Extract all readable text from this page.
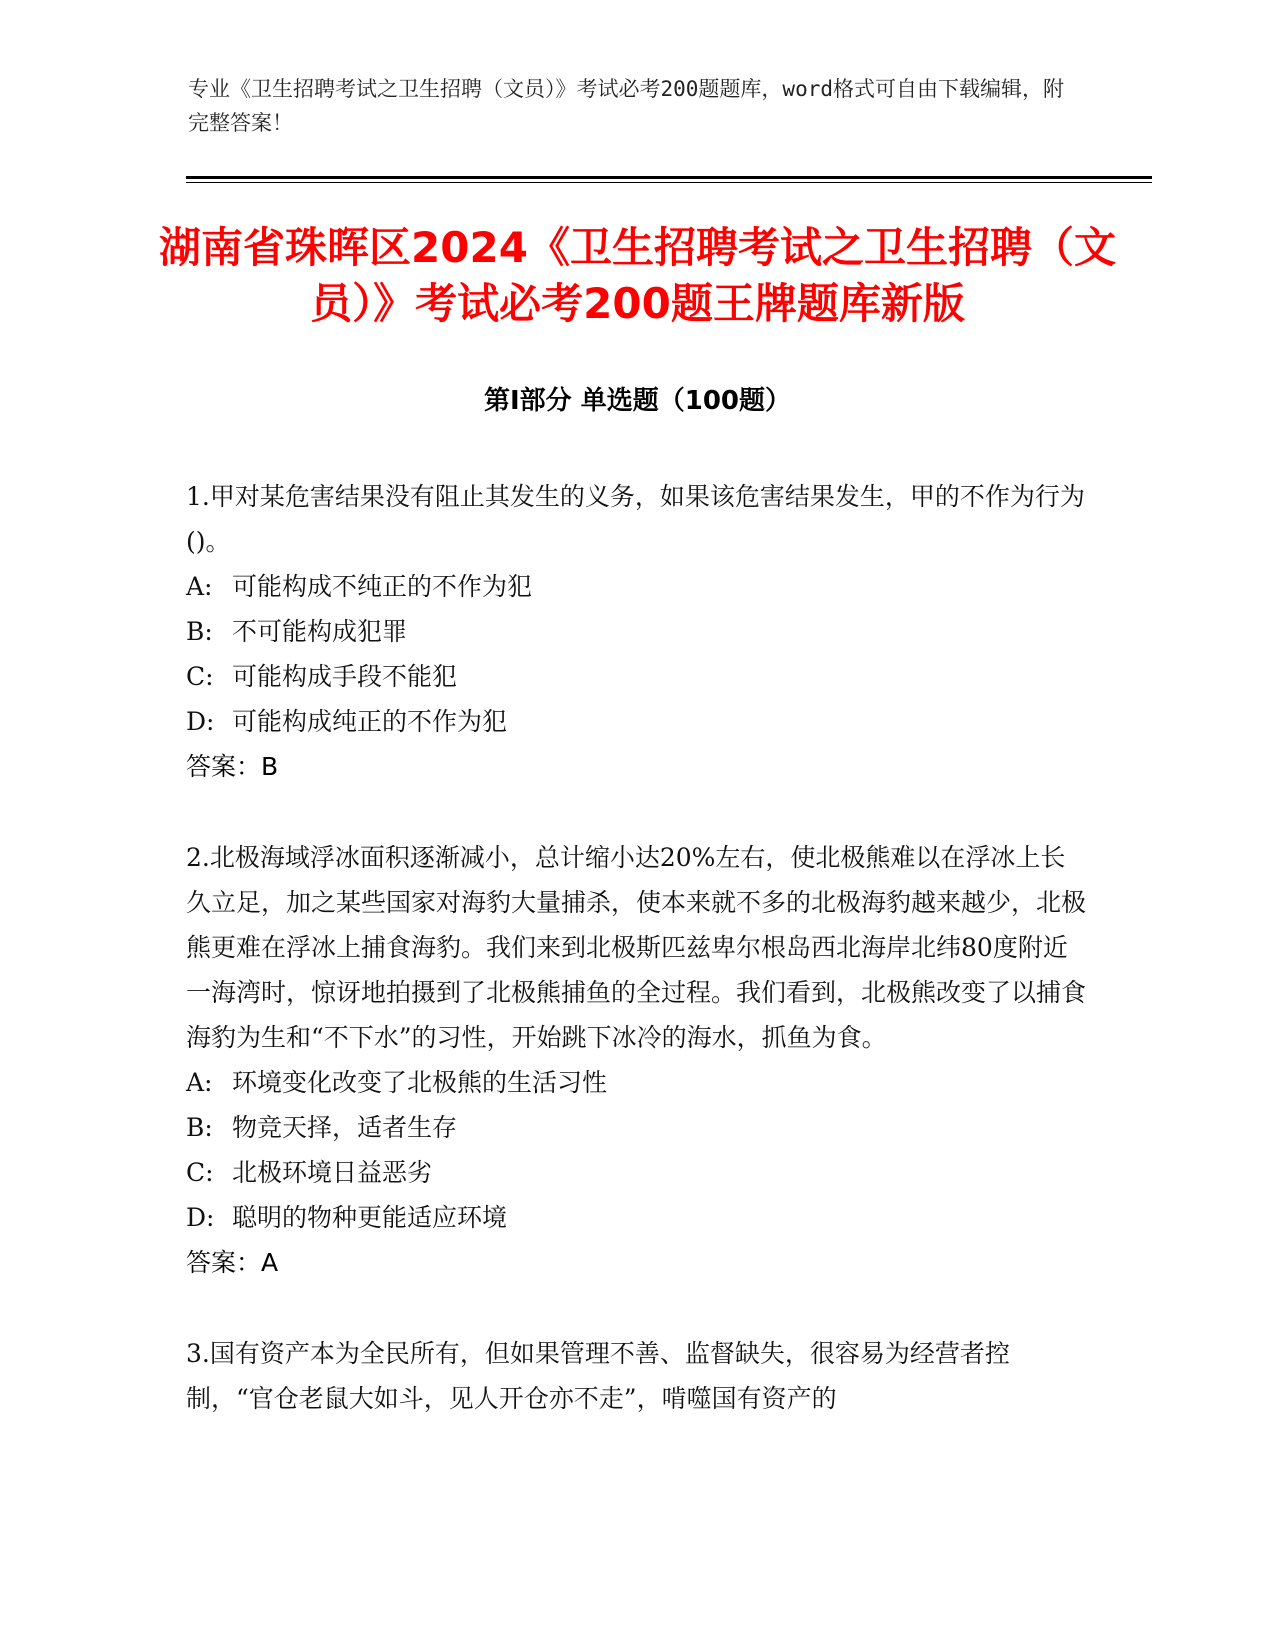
专业《卫生招聘考试之卫生招聘（文员）》考试必考200题题库，word格式可自由下载编辑，附完整答案！
湖南省珠晖区2024《卫生招聘考试之卫生招聘（文员）》考试必考200题王牌题库新版
第Ⅰ部分 单选题（100题）
1.甲对某危害结果没有阻止其发生的义务，如果该危害结果发生，甲的不作为行为()。
A: 可能构成不纯正的不作为犯
B: 不可能构成犯罪
C: 可能构成手段不能犯
D: 可能构成纯正的不作为犯
答案：B
2.北极海域浮冰面积逐渐减小，总计缩小达20%左右，使北极熊难以在浮冰上长久立足，加之某些国家对海豹大量捕杀，使本来就不多的北极海豹越来越少，北极熊更难在浮冰上捕食海豹。我们来到北极斯匹兹卑尔根岛西北海岸北纬80度附近一海湾时，惊讶地拍摄到了北极熊捕鱼的全过程。我们看到，北极熊改变了以捕食海豹为生和“不下水”的习性，开始跳下冰冷的海水，抓鱼为食。
A: 环境变化改变了北极熊的生活习性
B: 物竞天择，适者生存
C: 北极环境日益恶劣
D: 聪明的物种更能适应环境
答案：A
3.国有资产本为全民所有，但如果管理不善、监督缺失，很容易为经营者控制，“官仓老鼠大如斗，见人开仓亦不走”，啃噬国有资产的
